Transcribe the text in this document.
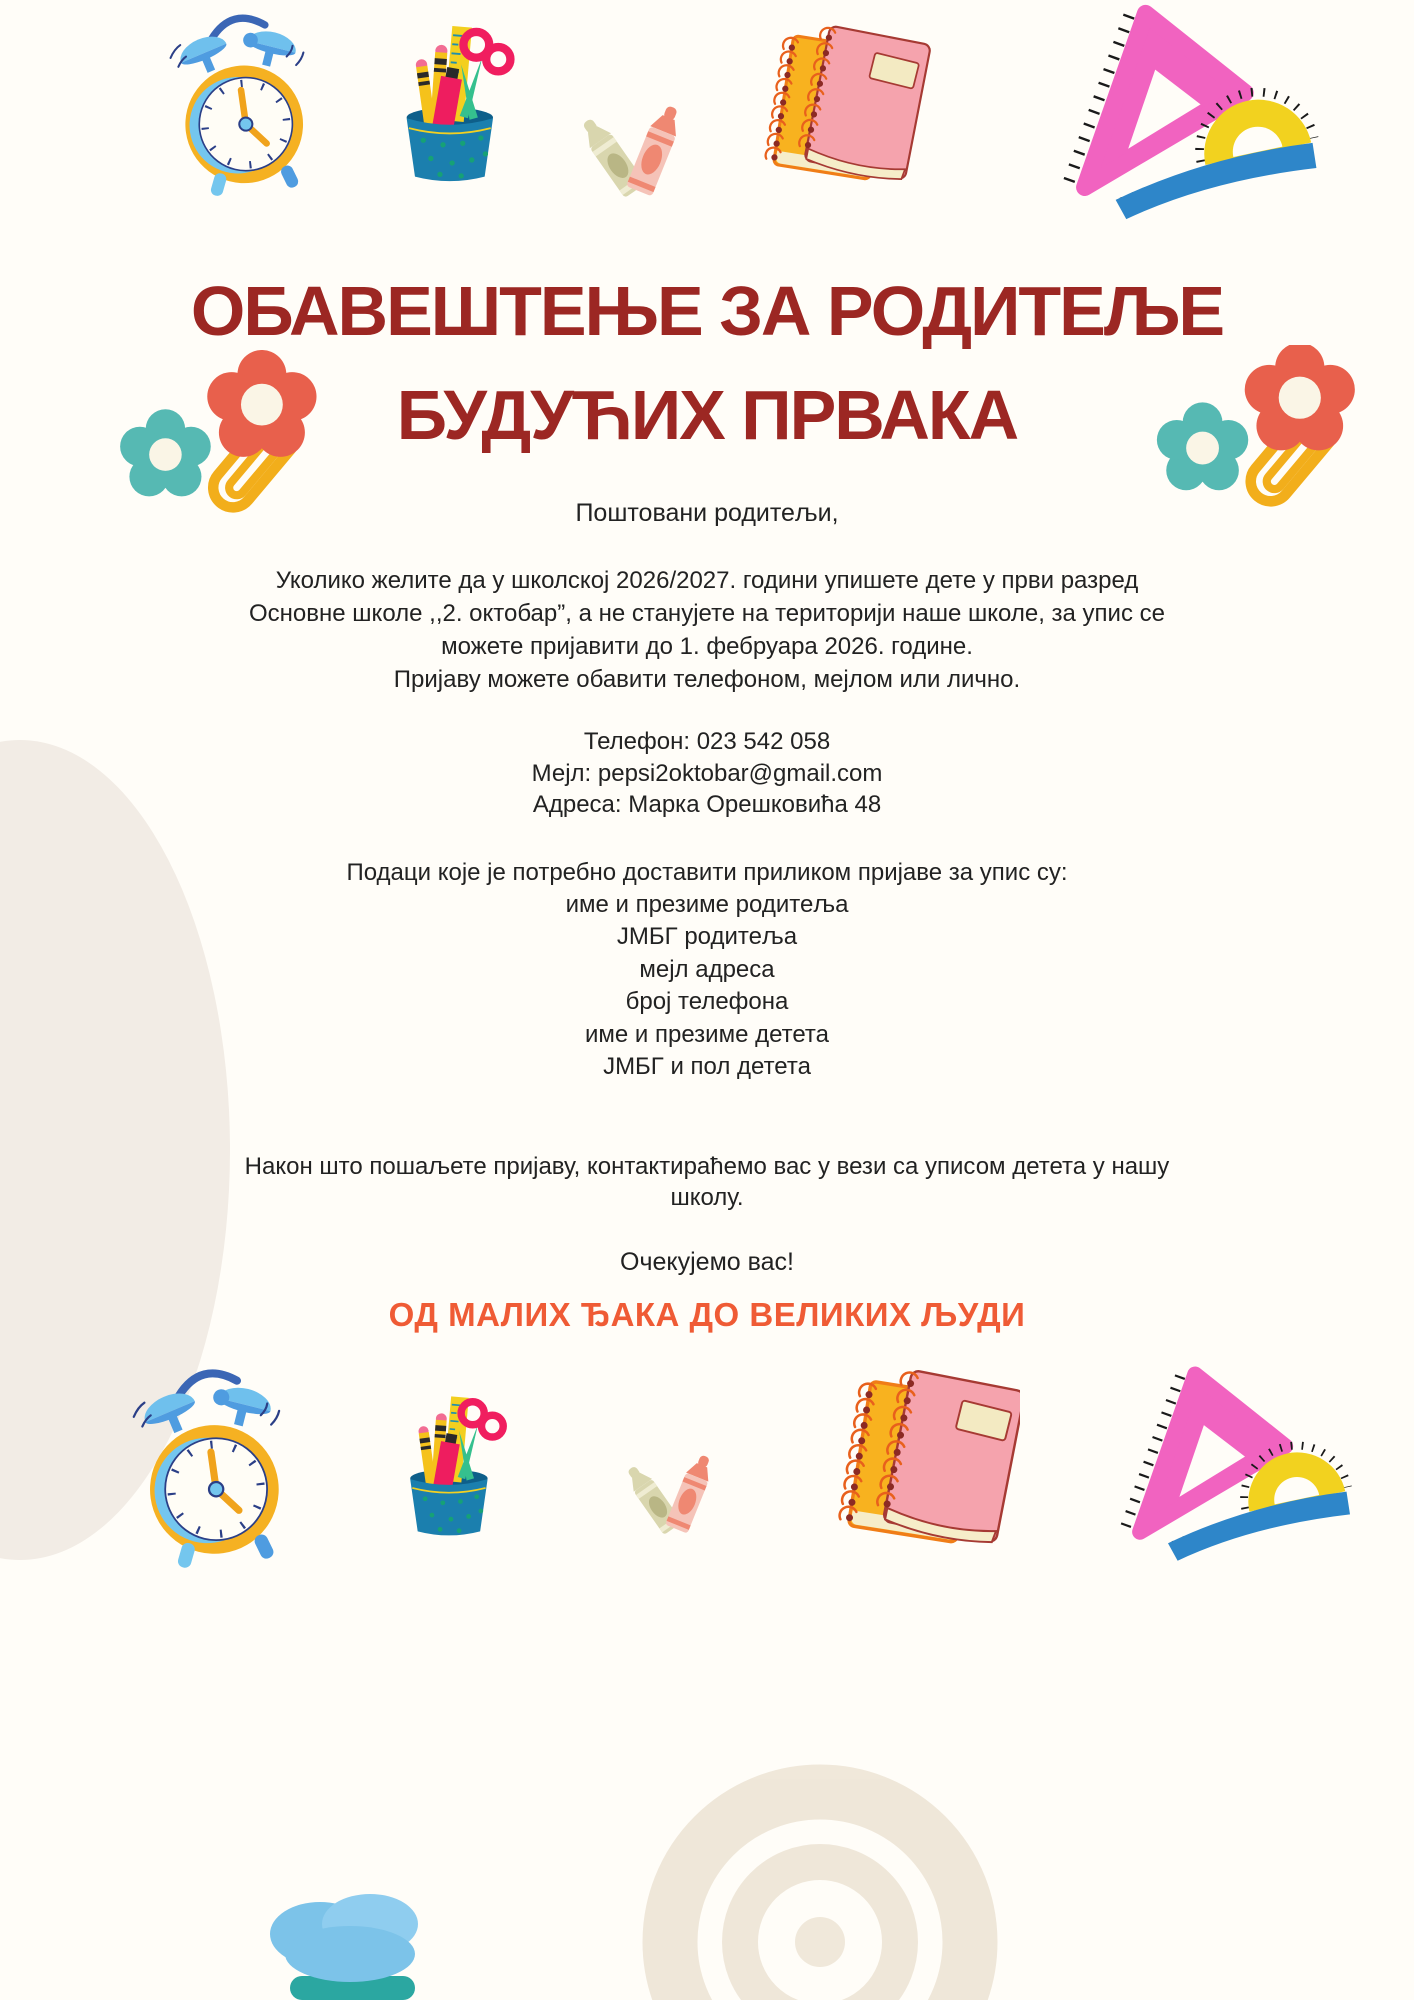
ОБАВЕШТЕЊЕ ЗА РОДИТЕЉЕ
БУДУЋИХ ПРВАКА
Поштовани родитељи,
Уколико желите да у школској 2026/2027. години упишете дете у први разред
Основне школе ,,2. октобар”, а не станујете на територији наше школе, за упис се
можете пријавити до 1. фебруара 2026. године.
Пријаву можете обавити телефоном, мејлом или лично.
Телефон: 023 542 058
Мејл: pepsi2oktobar@gmail.com
Адреса: Марка Орешковића 48
Подаци које је потребно доставити приликом пријаве за упис су:
име и презиме родитеља
ЈМБГ родитеља
мејл адреса
број телефона
име и презиме детета
ЈМБГ и пол детета
Након што пошаљете пријаву, контактираћемо вас у вези са уписом детета у нашу
школу.
Очекујемо вас!
ОД МАЛИХ ЂАКА ДО ВЕЛИКИХ ЉУДИ
